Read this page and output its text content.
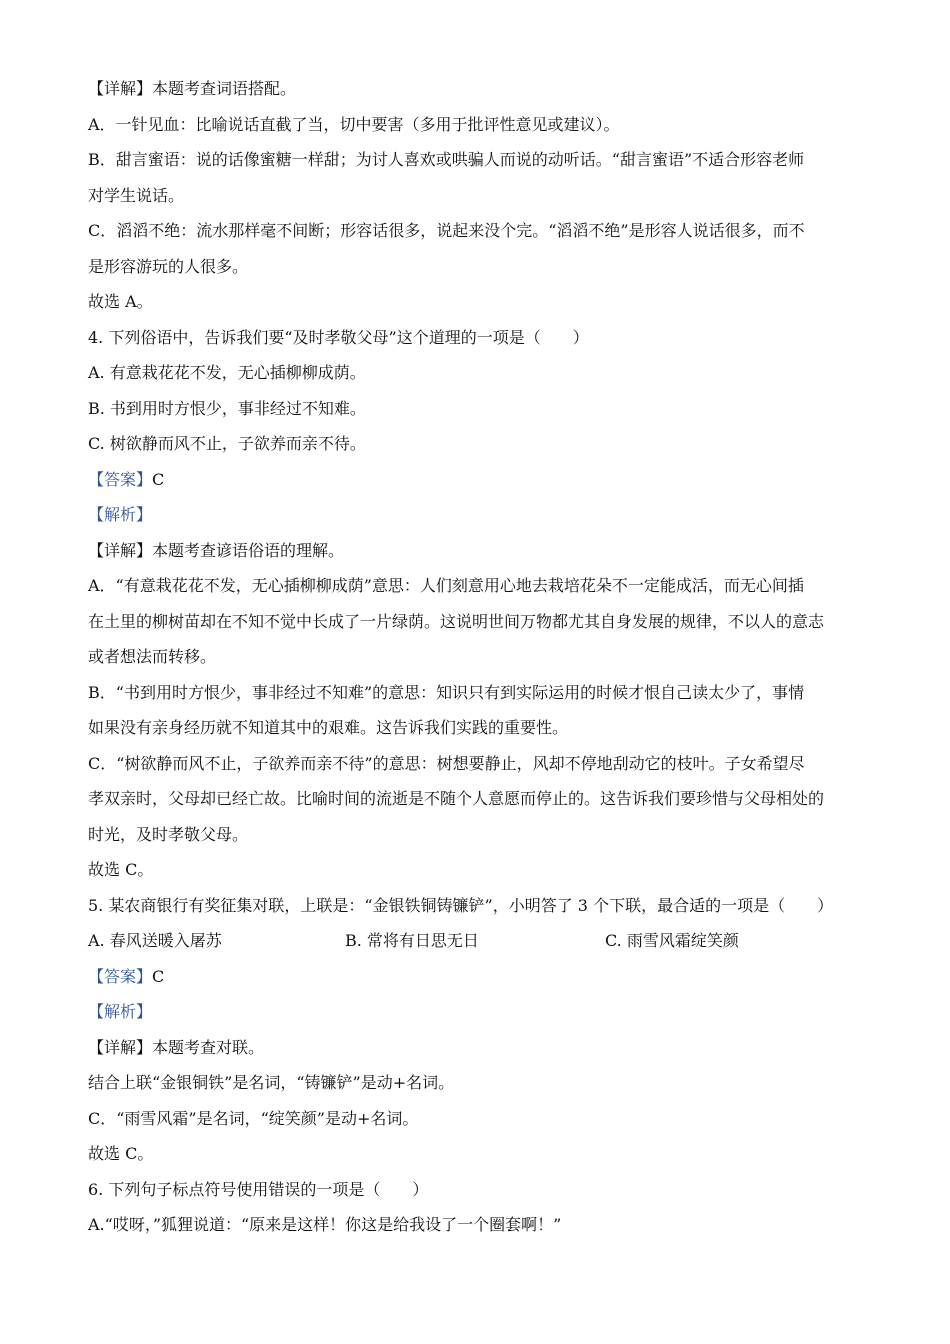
【详解】本题考查词语搭配。
A．一针见血：比喻说话直截了当，切中要害（多用于批评性意见或建议）。
B．甜言蜜语：说的话像蜜糖一样甜；为讨人喜欢或哄骗人而说的动听话。“甜言蜜语”不适合形容老师
对学生说话。
C．滔滔不绝：流水那样毫不间断；形容话很多，说起来没个完。“滔滔不绝”是形容人说话很多，而不
是形容游玩的人很多。
故选 A。
4. 下列俗语中，告诉我们要“及时孝敬父母”这个道理的一项是（　　）
A. 有意栽花花不发，无心插柳柳成荫。
B. 书到用时方恨少，事非经过不知难。
C. 树欲静而风不止，子欲养而亲不待。
【答案】C
【解析】
【详解】本题考查谚语俗语的理解。
A．“有意栽花花不发，无心插柳柳成荫”意思：人们刻意用心地去栽培花朵不一定能成活，而无心间插
在土里的柳树苗却在不知不觉中长成了一片绿荫。这说明世间万物都尤其自身发展的规律，不以人的意志
或者想法而转移。
B．“书到用时方恨少，事非经过不知难”的意思：知识只有到实际运用的时候才恨自己读太少了，事情
如果没有亲身经历就不知道其中的艰难。这告诉我们实践的重要性。
C．“树欲静而风不止，子欲养而亲不待”的意思：树想要静止，风却不停地刮动它的枝叶。子女希望尽
孝双亲时，父母却已经亡故。比喻时间的流逝是不随个人意愿而停止的。这告诉我们要珍惜与父母相处的
时光，及时孝敬父母。
故选 C。
5. 某农商银行有奖征集对联，上联是：“金银铁铜铸镰铲”，小明答了 3 个下联，最合适的一项是（　　）
A. 春风送暖入屠苏	B. 常将有日思无日	C. 雨雪风霜绽笑颜
【答案】C
【解析】
【详解】本题考查对联。
结合上联“金银铜铁”是名词，“铸镰铲”是动+名词。
C．“雨雪风霜”是名词，“绽笑颜”是动+名词。
故选 C。
6. 下列句子标点符号使用错误的一项是（　　）
A.“哎呀，”狐狸说道：“原来是这样！你这是给我设了一个圈套啊！”
